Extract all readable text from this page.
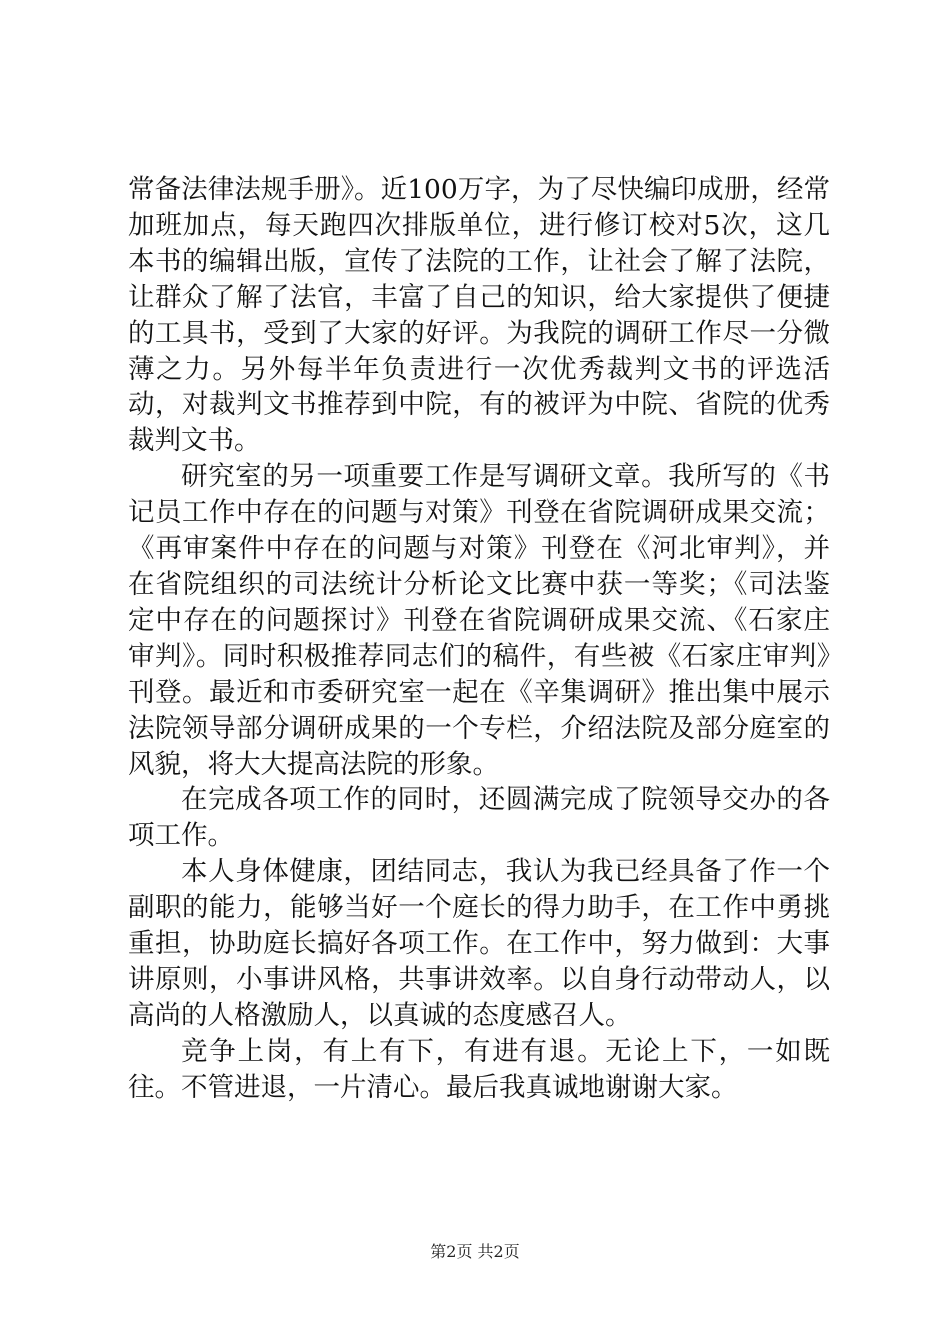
常备法律法规手册》。近100万字，为了尽快编印成册，经常加班加点，每天跑四次排版单位，进行修订校对5次，这几本书的编辑出版，宣传了法院的工作，让社会了解了法院，让群众了解了法官，丰富了自己的知识，给大家提供了便捷的工具书，受到了大家的好评。为我院的调研工作尽一分微薄之力。另外每半年负责进行一次优秀裁判文书的评选活动，对裁判文书推荐到中院，有的被评为中院、省院的优秀裁判文书。

研究室的另一项重要工作是写调研文章。我所写的《书记员工作中存在的问题与对策》刊登在省院调研成果交流；《再审案件中存在的问题与对策》刊登在《河北审判》，并在省院组织的司法统计分析论文比赛中获一等奖；《司法鉴定中存在的问题探讨》刊登在省院调研成果交流、《石家庄审判》。同时积极推荐同志们的稿件，有些被《石家庄审判》刊登。最近和市委研究室一起在《辛集调研》推出集中展示法院领导部分调研成果的一个专栏，介绍法院及部分庭室的风貌，将大大提高法院的形象。

在完成各项工作的同时，还圆满完成了院领导交办的各项工作。

本人身体健康，团结同志，我认为我已经具备了作一个副职的能力，能够当好一个庭长的得力助手，在工作中勇挑重担，协助庭长搞好各项工作。在工作中，努力做到：大事讲原则，小事讲风格，共事讲效率。以自身行动带动人，以高尚的人格激励人，以真诚的态度感召人。

竞争上岗，有上有下，有进有退。无论上下，一如既往。不管进退，一片清心。最后我真诚地谢谢大家。

第2页 共2页
